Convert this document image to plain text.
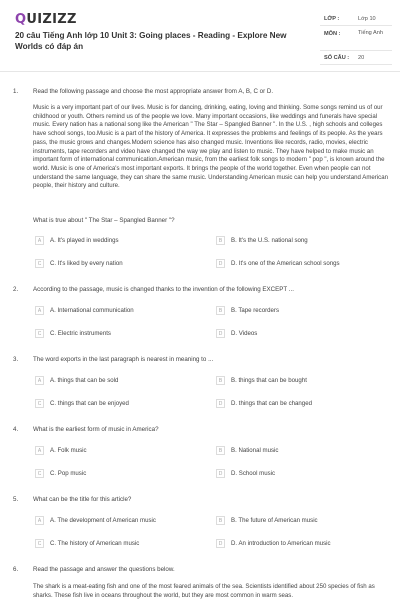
QUIZIZZ
20 câu Tiếng Anh lớp 10 Unit 3: Going places - Reading - Explore New Worlds có đáp án
LỚP :	Lớp 10
MÔN :	Tiếng Anh
SỐ CÂU : 20
1. Read the following passage and choose the most appropriate answer from A, B, C or D.
Music is a very important part of our lives. Music is for dancing, drinking, eating, loving and thinking. Some songs remind us of our childhood or youth. Others remind us of the people we love. Many important occasions, like weddings and funerals have special music. Every nation has a national song like the American " The Star – Spangled Banner ". In the U.S. , high schools and colleges have school songs, too.Music is a part of the history of America. It expresses the problems and feelings of its people. As the years pass, the music grows and changes.Modern science has also changed music. Inventions like records, radio, movies, electric instruments, tape recorders and video have changed the way we play and listen to music. They have helped to make music an important form of international communication.American music, from the earliest folk songs to modern " pop ", is known around the world. Music is one of America's most important exports. It brings the people of the world together. Even when people can not understand the same language, they can share the same music. Understanding American music can help you understand American people, their history and culture.
What is true about " The Star – Spangled Banner "?
A	A. It's played in weddings	B	B. It's the U.S. national song
C	C. It's liked by every nation	D	D. It's one of the American school songs
2. According to the passage, music is changed thanks to the invention of the following EXCEPT ...
A	A. International communication	B	B. Tape recorders
C	C. Electric instruments	D	D. Videos
3. The word exports in the last paragraph is nearest in meaning to ...
A	A. things that can be sold	B	B. things that can be bought
C	C. things that can be enjoyed	D	D. things that can be changed
4. What is the earliest form of music in America?
A	A. Folk music	B	B. National music
C	C. Pop music	D	D. School music
5. What can be the title for this article?
A	A. The development of American music	B	B. The future of American music
C	C. The history of American music	D	D. An introduction to American music
6. Read the passage and answer the questions below.
The shark is a meat-eating fish and one of the most feared animals of the sea. Scientists identified about 250 species of fish as sharks. These fish live in oceans throughout the world, but they are most common in warm seas.
